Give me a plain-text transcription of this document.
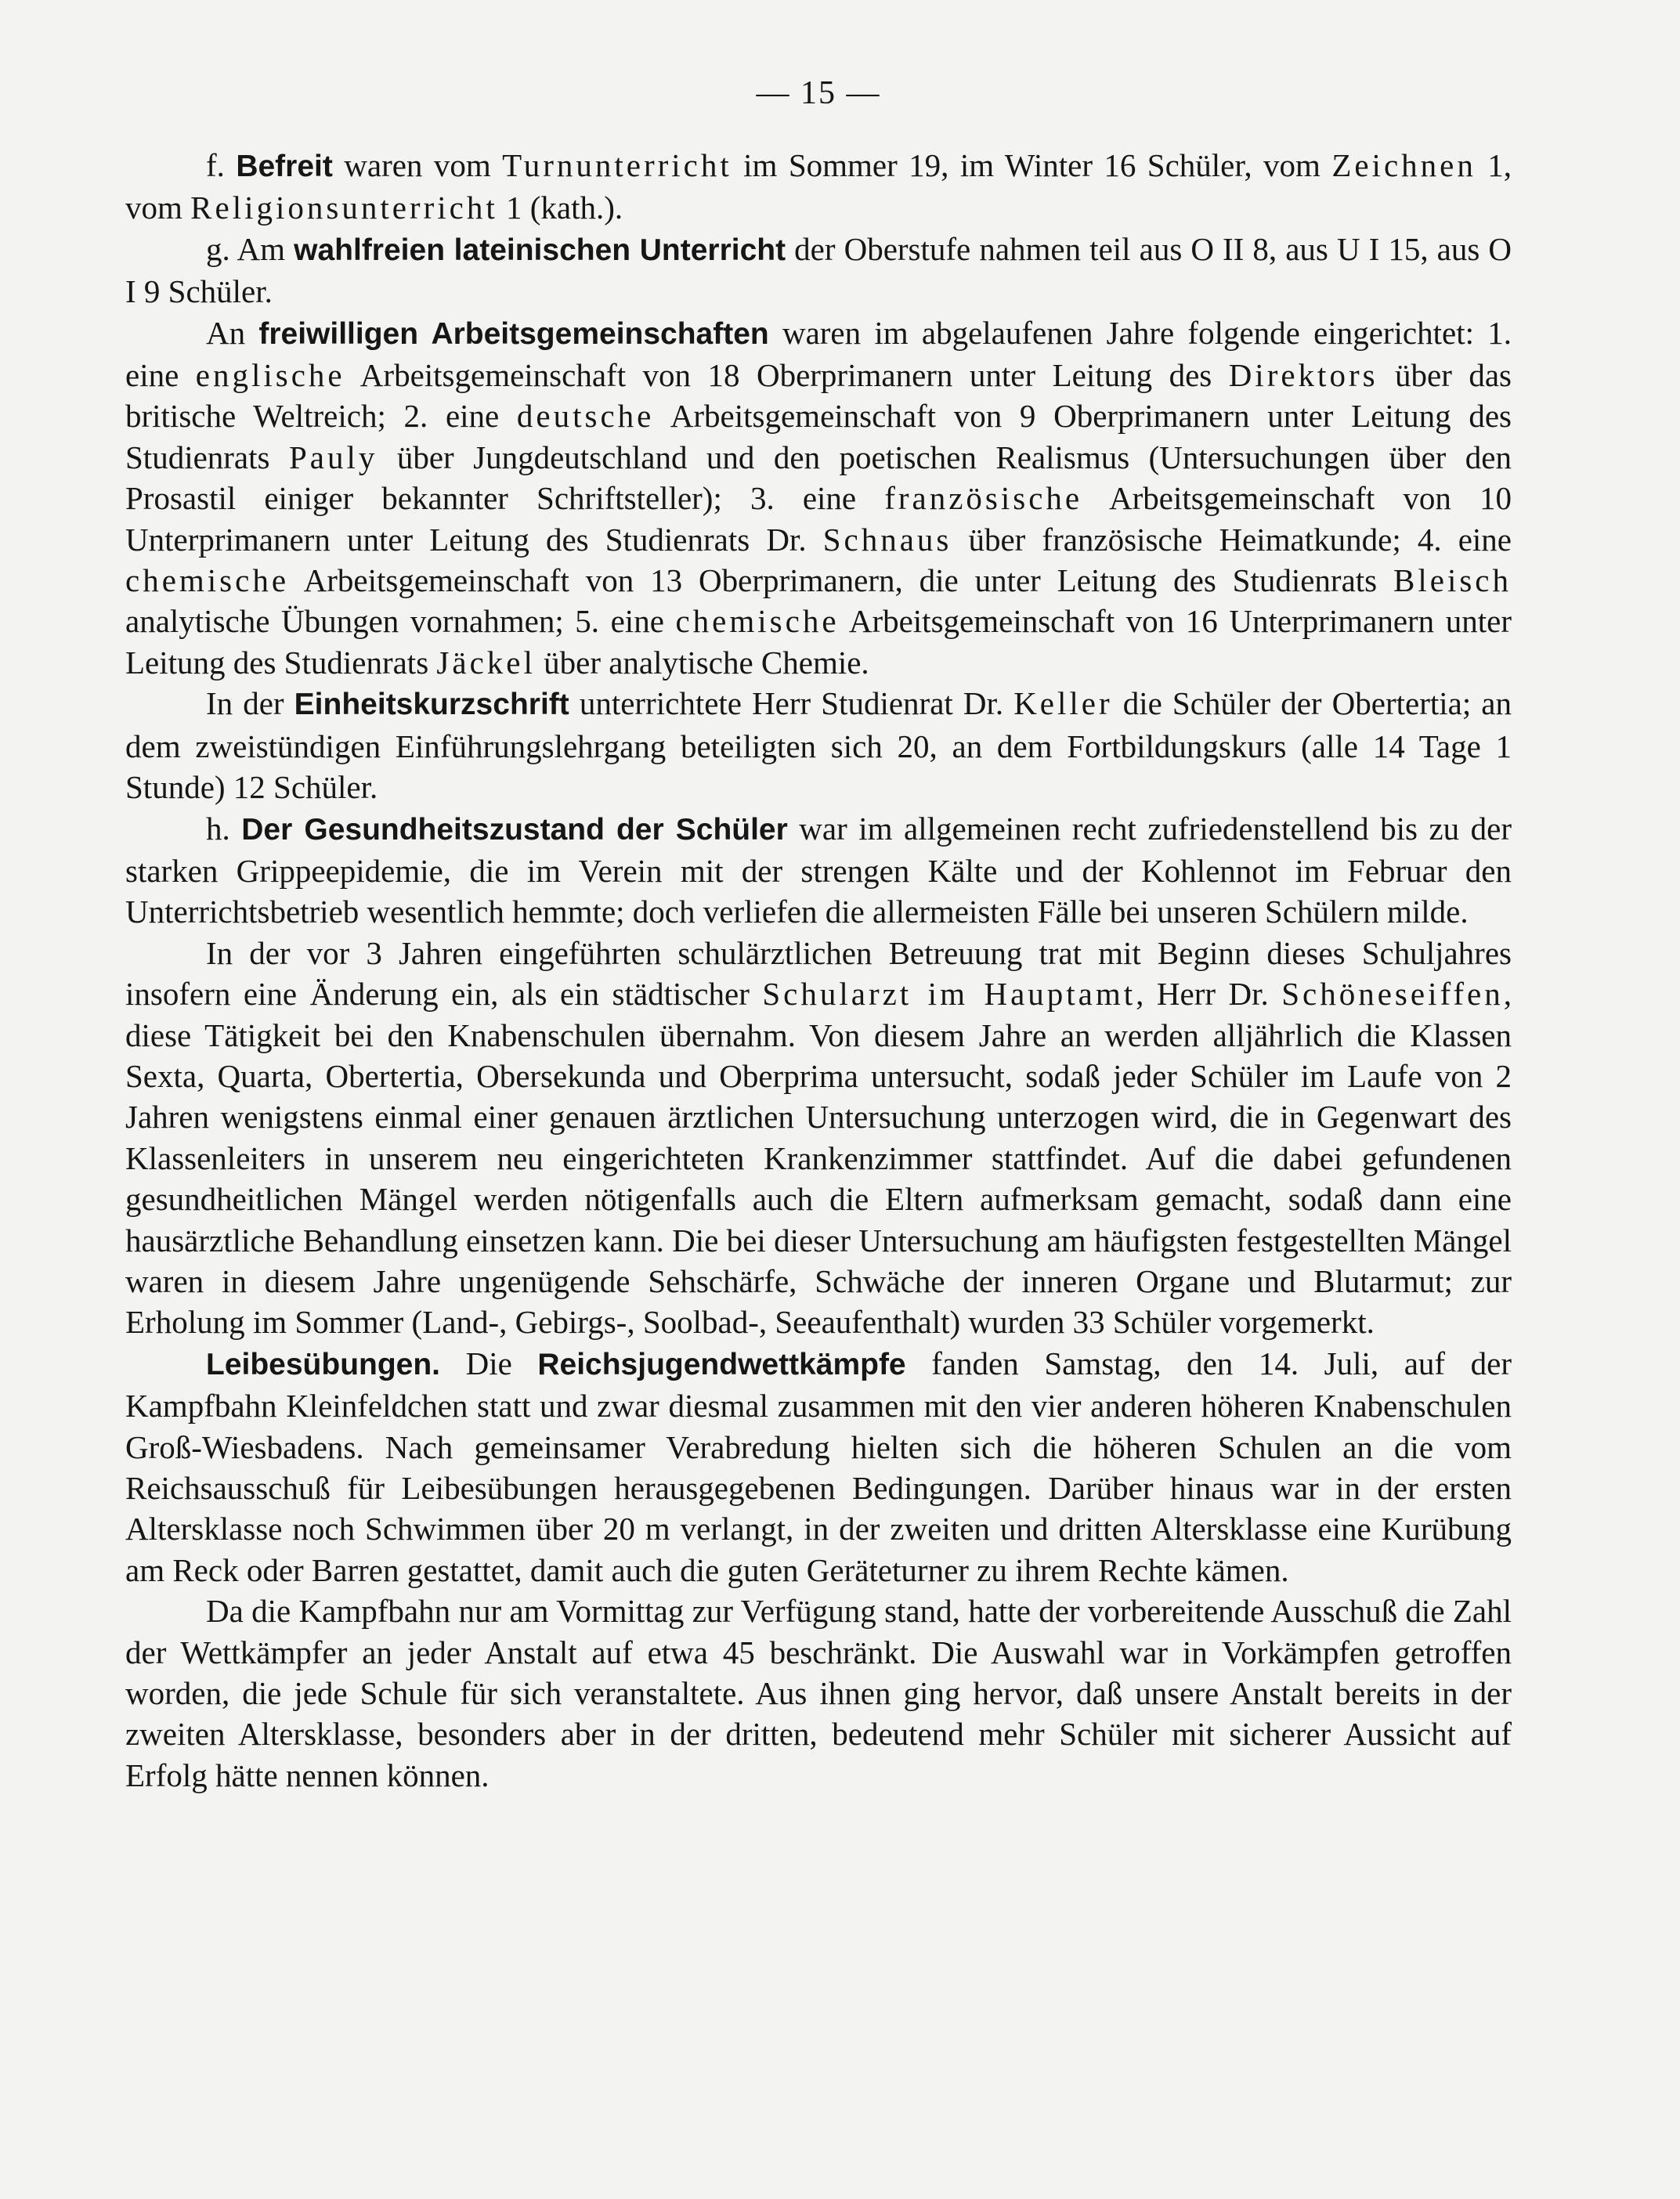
— 15 —

f. Befreit waren vom Turnunterricht im Sommer 19, im Winter 16 Schüler, vom Zeichnen 1, vom Religionsunterricht 1 (kath.).

g. Am wahlfreien lateinischen Unterricht der Oberstufe nahmen teil aus O II 8, aus U I 15, aus O I 9 Schüler.

An freiwilligen Arbeitsgemeinschaften waren im abgelaufenen Jahre folgende eingerichtet: 1. eine englische Arbeitsgemeinschaft von 18 Oberprimanern unter Leitung des Direktors über das britische Weltreich; 2. eine deutsche Arbeitsgemeinschaft von 9 Oberprimanern unter Leitung des Studienrats Pauly über Jungdeutschland und den poetischen Realismus (Untersuchungen über den Prosastil einiger bekannter Schriftsteller); 3. eine französische Arbeitsgemeinschaft von 10 Unterprimanern unter Leitung des Studienrats Dr. Schnaus über französische Heimatkunde; 4. eine chemische Arbeitsgemeinschaft von 13 Oberprimanern, die unter Leitung des Studienrats Bleisch analytische Übungen vornahmen; 5. eine chemische Arbeitsgemeinschaft von 16 Unterprimanern unter Leitung des Studienrats Jäckel über analytische Chemie.

In der Einheitskurzschrift unterrichtete Herr Studienrat Dr. Keller die Schüler der Obertertia; an dem zweistündigen Einführungslehrgang beteiligten sich 20, an dem Fortbildungskurs (alle 14 Tage 1 Stunde) 12 Schüler.

h. Der Gesundheitszustand der Schüler war im allgemeinen recht zufriedenstellend bis zu der starken Grippeepidemie, die im Verein mit der strengen Kälte und der Kohlennot im Februar den Unterrichtsbetrieb wesentlich hemmte; doch verliefen die allermeisten Fälle bei unseren Schülern milde.

In der vor 3 Jahren eingeführten schulärztlichen Betreuung trat mit Beginn dieses Schuljahres insofern eine Änderung ein, als ein städtischer Schularzt im Hauptamt, Herr Dr. Schöneseiffen, diese Tätigkeit bei den Knabenschulen übernahm. Von diesem Jahre an werden alljährlich die Klassen Sexta, Quarta, Obertertia, Obersekunda und Oberprima untersucht, sodaß jeder Schüler im Laufe von 2 Jahren wenigstens einmal einer genauen ärztlichen Untersuchung unterzogen wird, die in Gegenwart des Klassenleiters in unserem neu eingerichteten Krankenzimmer stattfindet. Auf die dabei gefundenen gesundheitlichen Mängel werden nötigenfalls auch die Eltern aufmerksam gemacht, sodaß dann eine hausärztliche Behandlung einsetzen kann. Die bei dieser Untersuchung am häufigsten festgestellten Mängel waren in diesem Jahre ungenügende Sehschärfe, Schwäche der inneren Organe und Blutarmut; zur Erholung im Sommer (Land-, Gebirgs-, Soolbad-, Seeaufenthalt) wurden 33 Schüler vorgemerkt.

Leibesübungen. Die Reichsjugendwettkämpfe fanden Samstag, den 14. Juli, auf der Kampfbahn Kleinfeldchen statt und zwar diesmal zusammen mit den vier anderen höheren Knabenschulen Groß-Wiesbadens. Nach gemeinsamer Verabredung hielten sich die höheren Schulen an die vom Reichsausschuß für Leibesübungen herausgegebenen Bedingungen. Darüber hinaus war in der ersten Altersklasse noch Schwimmen über 20 m verlangt, in der zweiten und dritten Altersklasse eine Kurübung am Reck oder Barren gestattet, damit auch die guten Geräteturner zu ihrem Rechte kämen.

Da die Kampfbahn nur am Vormittag zur Verfügung stand, hatte der vorbereitende Ausschuß die Zahl der Wettkämpfer an jeder Anstalt auf etwa 45 beschränkt. Die Auswahl war in Vorkämpfen getroffen worden, die jede Schule für sich veranstaltete. Aus ihnen ging hervor, daß unsere Anstalt bereits in der zweiten Altersklasse, besonders aber in der dritten, bedeutend mehr Schüler mit sicherer Aussicht auf Erfolg hätte nennen können.
